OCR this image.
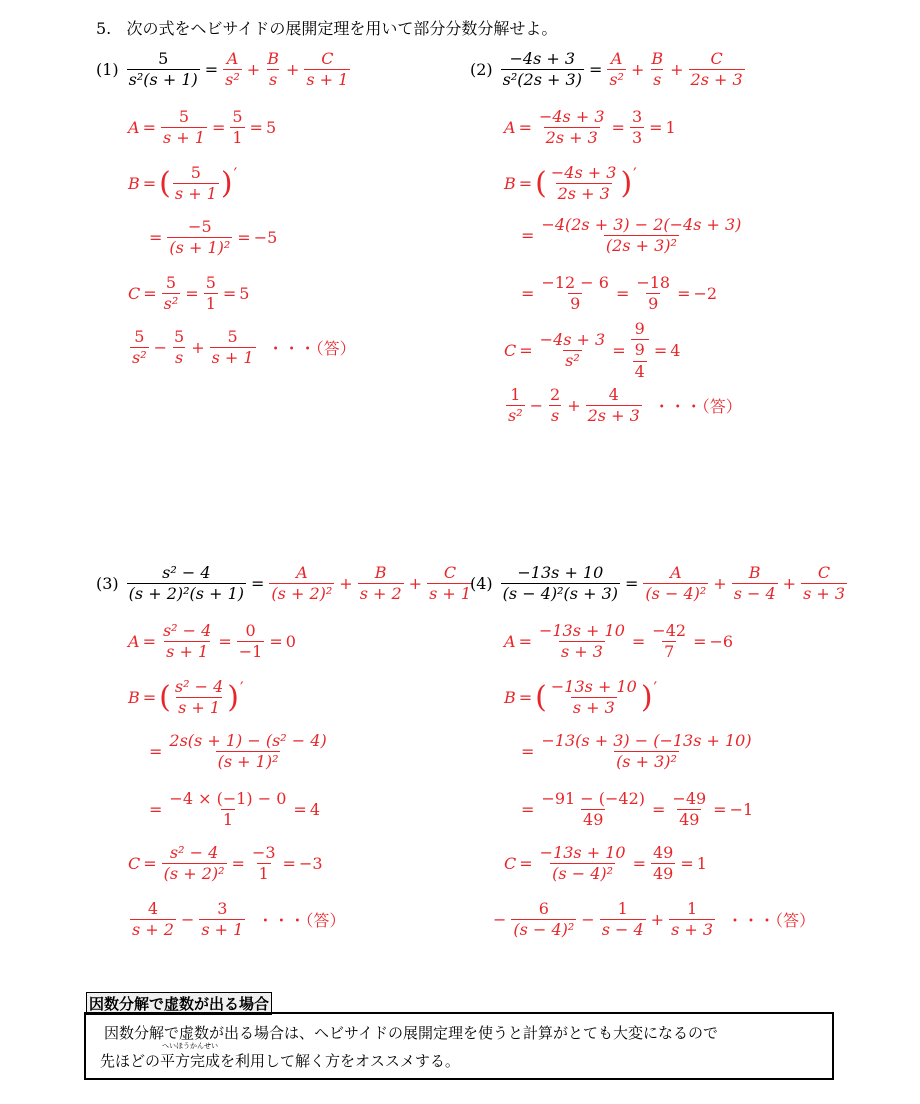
5. 次の式をヘビサイドの展開定理を用いて部分分数分解せよ。
$(1) \frac{5}{\text{s²(s + 1)}}$ =
A
s²
+ $\frac{B}{s} + \frac{C}{s + 1}$
$A = \frac{5}{s + 1} = \frac{5}{1} = 5$
B = ( 5
s + 1 ) ′
= $\frac{-5}{\text{(s + 1)²}} = -5$
$C = \frac{5}{\text{s²}} = \frac{5}{1} = 5$
5
s²
− $\frac{5}{s} + \frac{5}{s + 1}$ ・・・（答）
$(2) \frac{-4s + 3}{\text{s²(2s + 3)}}$ =
A
s²
+ $\frac{B}{s} + \frac{C}{2s + 3}$
$A = \frac{-4s + 3}{2s + 3} = \frac{3}{3} = 1$
B = ( −4s + 3
2s + 3 ) ′
= $\frac{-4(2s + 3) - 2(-4s + 3)}{\text{(2s + 3)²}}$
= $\frac{-12 - 6}{9} = \frac{-18}{9} = -2$
$C = \frac{-4s + 3}{\text{s²}} = \frac{9}{\frac{9}{4}} = 4$
1
s²
− $\frac{2}{s} + \frac{4}{2s + 3}$ ・・・（答）
$(3) \frac{\text{s² − 4}}{\text{(s + 2)²(s + 1)}}$ =
A
(s + 2)²
+ $\frac{B}{s + 2} + \frac{C}{s + 1}$
$A = \frac{\text{s² − 4}}{s + 1} = \frac{0}{-1} = 0$
B = ( s² − 4
s + 1 ) ′
= $\frac{\text{2s(s + 1) − (s² − 4)}}{\text{(s + 1)²}}$
= $\frac{-4 \times (-1) - 0}{1} = 4$
$C = \frac{\text{s² − 4}}{\text{(s + 2)²}} = \frac{-3}{1} = -3$
4
s + 2
− $\frac{3}{s + 1}$ ・・・（答）
$(4) \frac{-13s + 10}{\text{(s − 4)²(s + 3)}}$ =
A
(s − 4)²
+ $\frac{B}{s - 4} + \frac{C}{s + 3}$
$A = \frac{-13s + 10}{s + 3} = \frac{-42}{7} = -6$
B = ( −13s + 10
s + 3 ) ′
= $\frac{-13(s + 3) - (-13s + 10)}{\text{(s + 3)²}}$
= $\frac{-91 - (-42)}{49} = \frac{-49}{49} = -1$
$C = \frac{-13s + 10}{\text{(s − 4)²}} = \frac{49}{49} = 1$
− $\frac{6}{\text{(s − 4)²}} - \frac{1}{s - 4} + \frac{1}{s + 3}$ ・・・（答）
因数分解で虚数が出る場合
因数分解で虚数が出る場合は、ヘビサイドの展開定理を使うと計算がとても大変になるので
先ほどの
へいほうかんせい
平方完成を利用して解く方をオススメする。
